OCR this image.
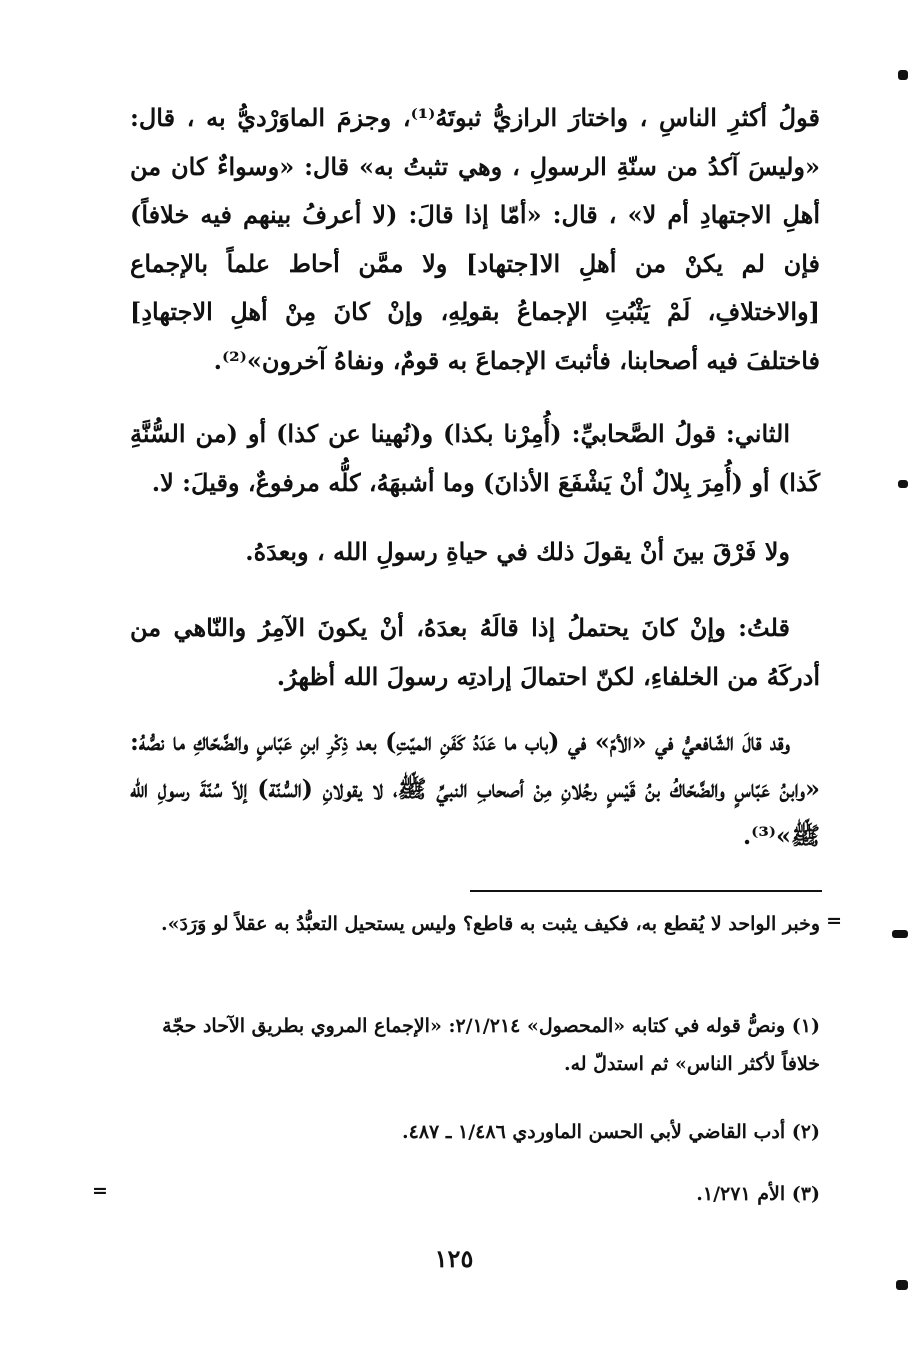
قولُ أكثرِ الناسِ ، واختارَ الرازيُّ ثبوتَهُ⁽¹⁾، وجزمَ الماوَرْديُّ به ، قال: «وليسَ آكدُ من سنّةِ الرسولِ ، وهي تثبتُ به» قال: «وسواءٌ كان من أهلِ الاجتهادِ أم لا» ، قال: «أمّا إذا قالَ: (لا أعرفُ بينهم فيه خلافاً) فإن لم يكنْ من أهلِ الا[جتهاد] ولا ممَّن أحاط علماً بالإجماع [والاختلافِ، لَمْ يَثْبُتِ الإجماعُ بقولِهِ، وإنْ كانَ مِنْ أهلِ الاجتهادِ] فاختلفَ فيه أصحابنا، فأثبتَ الإجماعَ به قومٌ، ونفاهُ آخرون»⁽²⁾.

الثاني: قولُ الصَّحابيِّ: (أُمِرْنا بكذا) و(نُهينا عن كذا) أو (من السُّنَّةِ كَذا) أو (أُمِرَ بِلالٌ أنْ يَشْفَعَ الأذانَ) وما أشبهَهُ، كلُّه مرفوعٌ، وقيلَ: لا.

ولا فَرْقَ بينَ أنْ يقولَ ذلك في حياةِ رسولِ الله ، وبعدَهُ.

قلتُ: وإنْ كانَ يحتملُ إذا قالَهُ بعدَهُ، أنْ يكونَ الآمِرُ والنّاهي من أدركَهُ من الخلفاءِ، لكنّ احتمالَ إرادتِه رسولَ الله أظهرُ.

وقد قالَ الشّافعيُّ في «الأمّ» في (باب ما عَدَدُ كَفَنِ الميّتِ) بعد ذِكْرِ ابنِ عَبّاسٍ والضَّحّاكِ ما نصُّهُ: «وابنُ عَبّاسٍ والضَّحّاكُ بنُ قَيْسٍ رجُلانِ مِنْ أصحابِ النبيِّ ﷺ، لا يقولانِ (السُّنّة) إلاّ سُنّةَ رسولِ الله ﷺ»⁽³⁾.

=

وخبر الواحد لا يُقطع به، فكيف يثبت به قاطع؟ وليس يستحيل التعبُّدُ به عقلاً لو وَرَدَ».

(١) ونصُّ قوله في كتابه «المحصول» ٢/١/٢١٤: «الإجماع المروي بطريق الآحاد حجّة خلافاً لأكثر الناس» ثم استدلّ له.

(٢) أدب القاضي لأبي الحسن الماوردي ١/٤٨٦ ـ ٤٨٧.

(٣) الأم ١/٢٧١.

=
١٢٥
